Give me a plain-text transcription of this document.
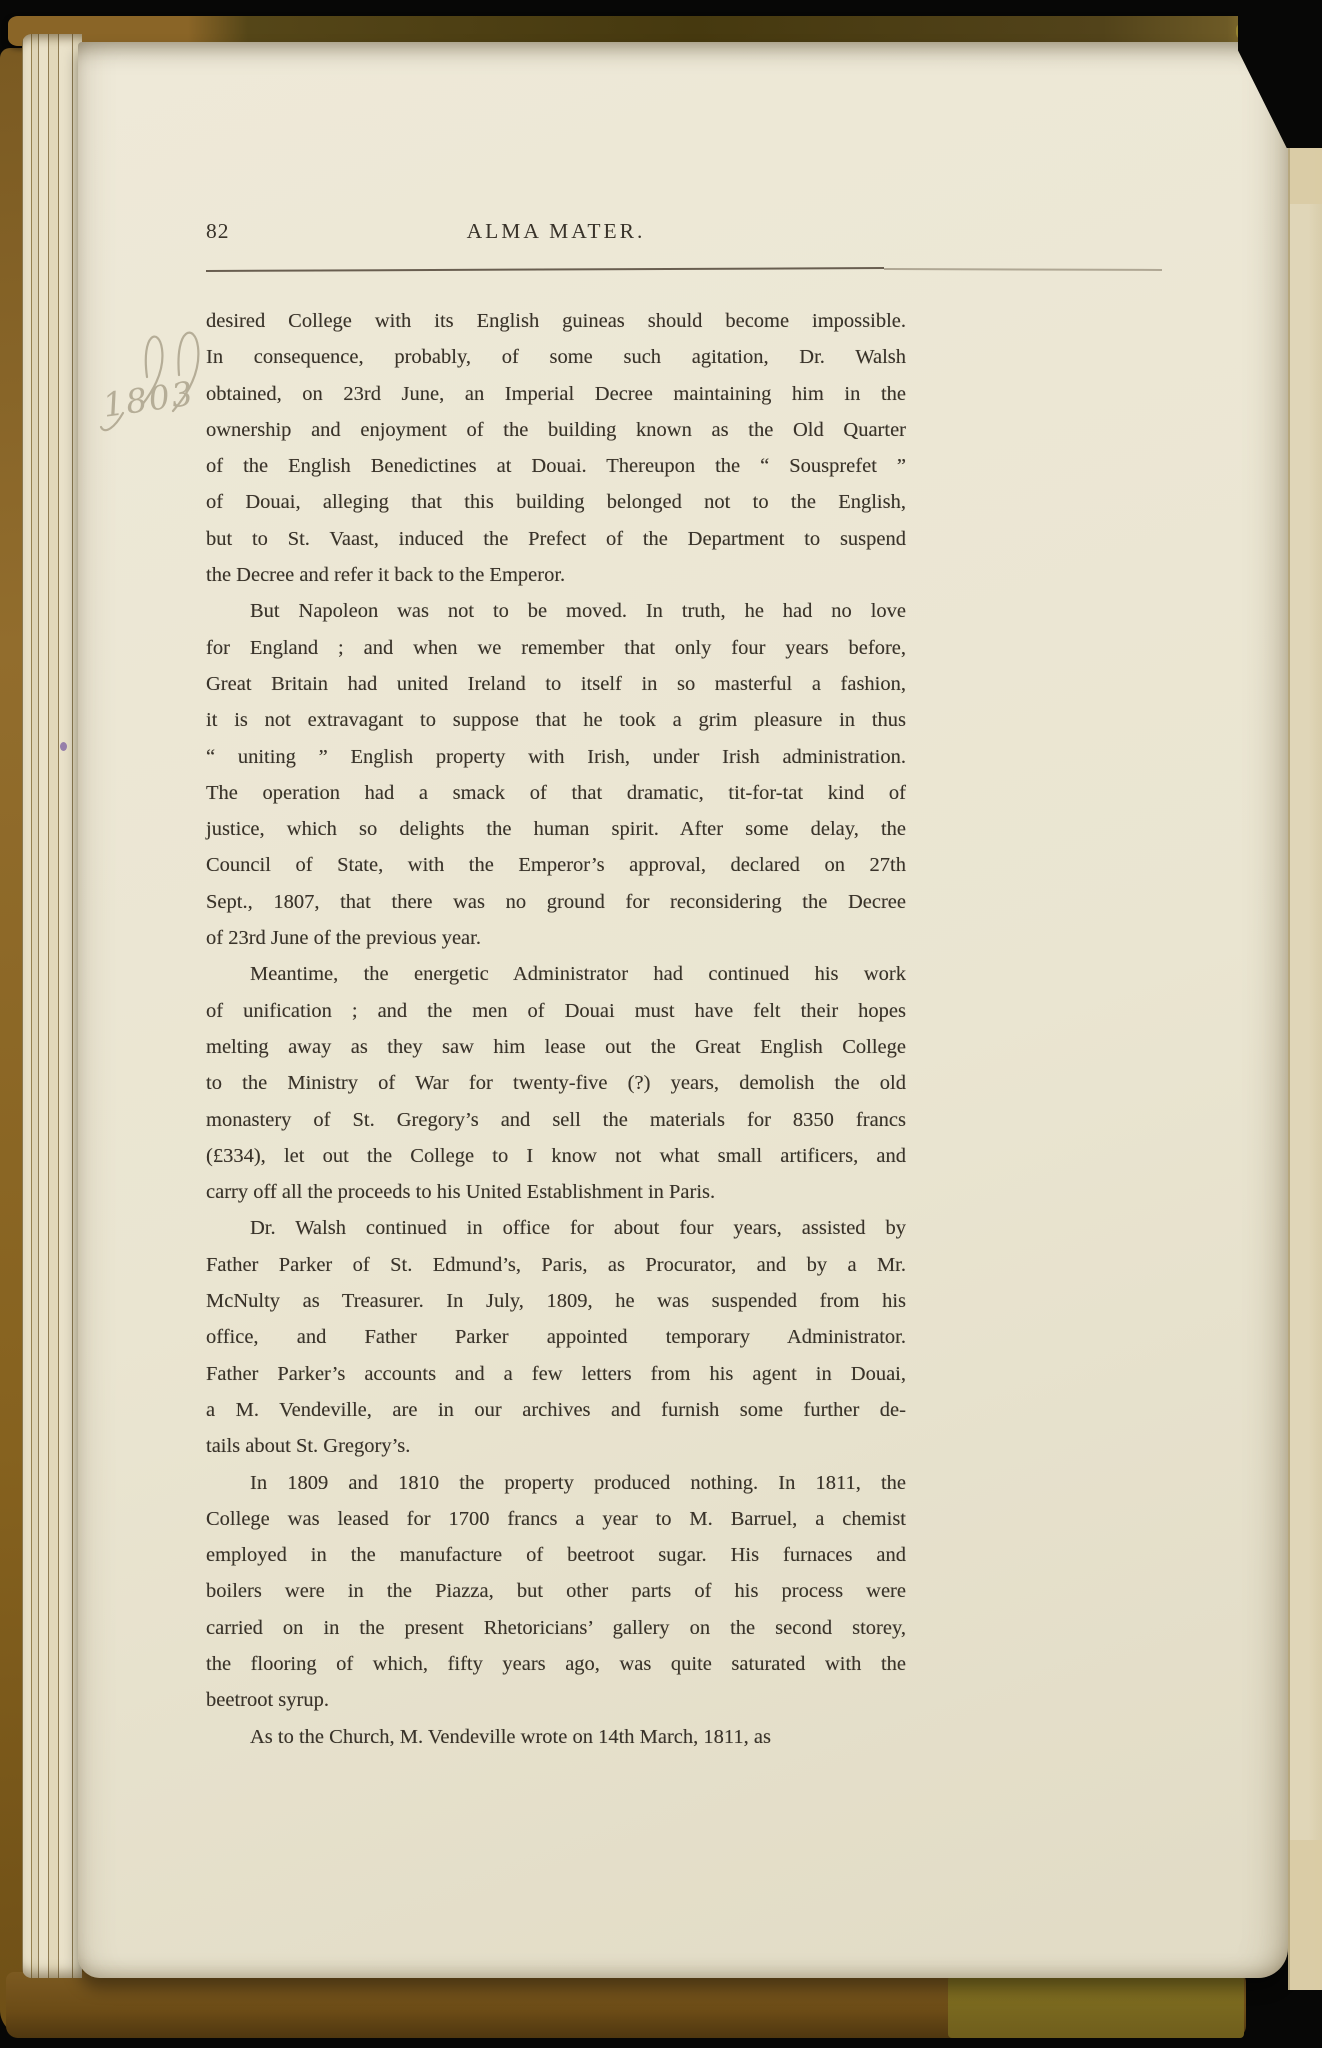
82	ALMA MATER.
desired College with its English guineas should become impossible.
In consequence, probably, of some such agitation, Dr. Walsh
obtained, on 23rd June, an Imperial Decree maintaining him in the
ownership and enjoyment of the building known as the Old Quarter
of the English Benedictines at Douai. Thereupon the “ Sousprefet ”
of Douai, alleging that this building belonged not to the English,
but to St. Vaast, induced the Prefect of the Department to suspend
the Decree and refer it back to the Emperor.
But Napoleon was not to be moved. In truth, he had no love
for England ; and when we remember that only four years before,
Great Britain had united Ireland to itself in so masterful a fashion,
it is not extravagant to suppose that he took a grim pleasure in thus
“ uniting ” English property with Irish, under Irish administration.
The operation had a smack of that dramatic, tit-for-tat kind of
justice, which so delights the human spirit. After some delay, the
Council of State, with the Emperor’s approval, declared on 27th
Sept., 1807, that there was no ground for reconsidering the Decree
of 23rd June of the previous year.
Meantime, the energetic Administrator had continued his work
of unification ; and the men of Douai must have felt their hopes
melting away as they saw him lease out the Great English College
to the Ministry of War for twenty-five (?) years, demolish the old
monastery of St. Gregory’s and sell the materials for 8350 francs
(£334), let out the College to I know not what small artificers, and
carry off all the proceeds to his United Establishment in Paris.
Dr. Walsh continued in office for about four years, assisted by
Father Parker of St. Edmund’s, Paris, as Procurator, and by a Mr.
McNulty as Treasurer. In July, 1809, he was suspended from his
office, and Father Parker appointed temporary Administrator.
Father Parker’s accounts and a few letters from his agent in Douai,
a M. Vendeville, are in our archives and furnish some further de-
tails about St. Gregory’s.
In 1809 and 1810 the property produced nothing. In 1811, the
College was leased for 1700 francs a year to M. Barruel, a chemist
employed in the manufacture of beetroot sugar. His furnaces and
boilers were in the Piazza, but other parts of his process were
carried on in the present Rhetoricians’ gallery on the second storey,
the flooring of which, fifty years ago, was quite saturated with the
beetroot syrup.
As to the Church, M. Vendeville wrote on 14th March, 1811, as
1803
